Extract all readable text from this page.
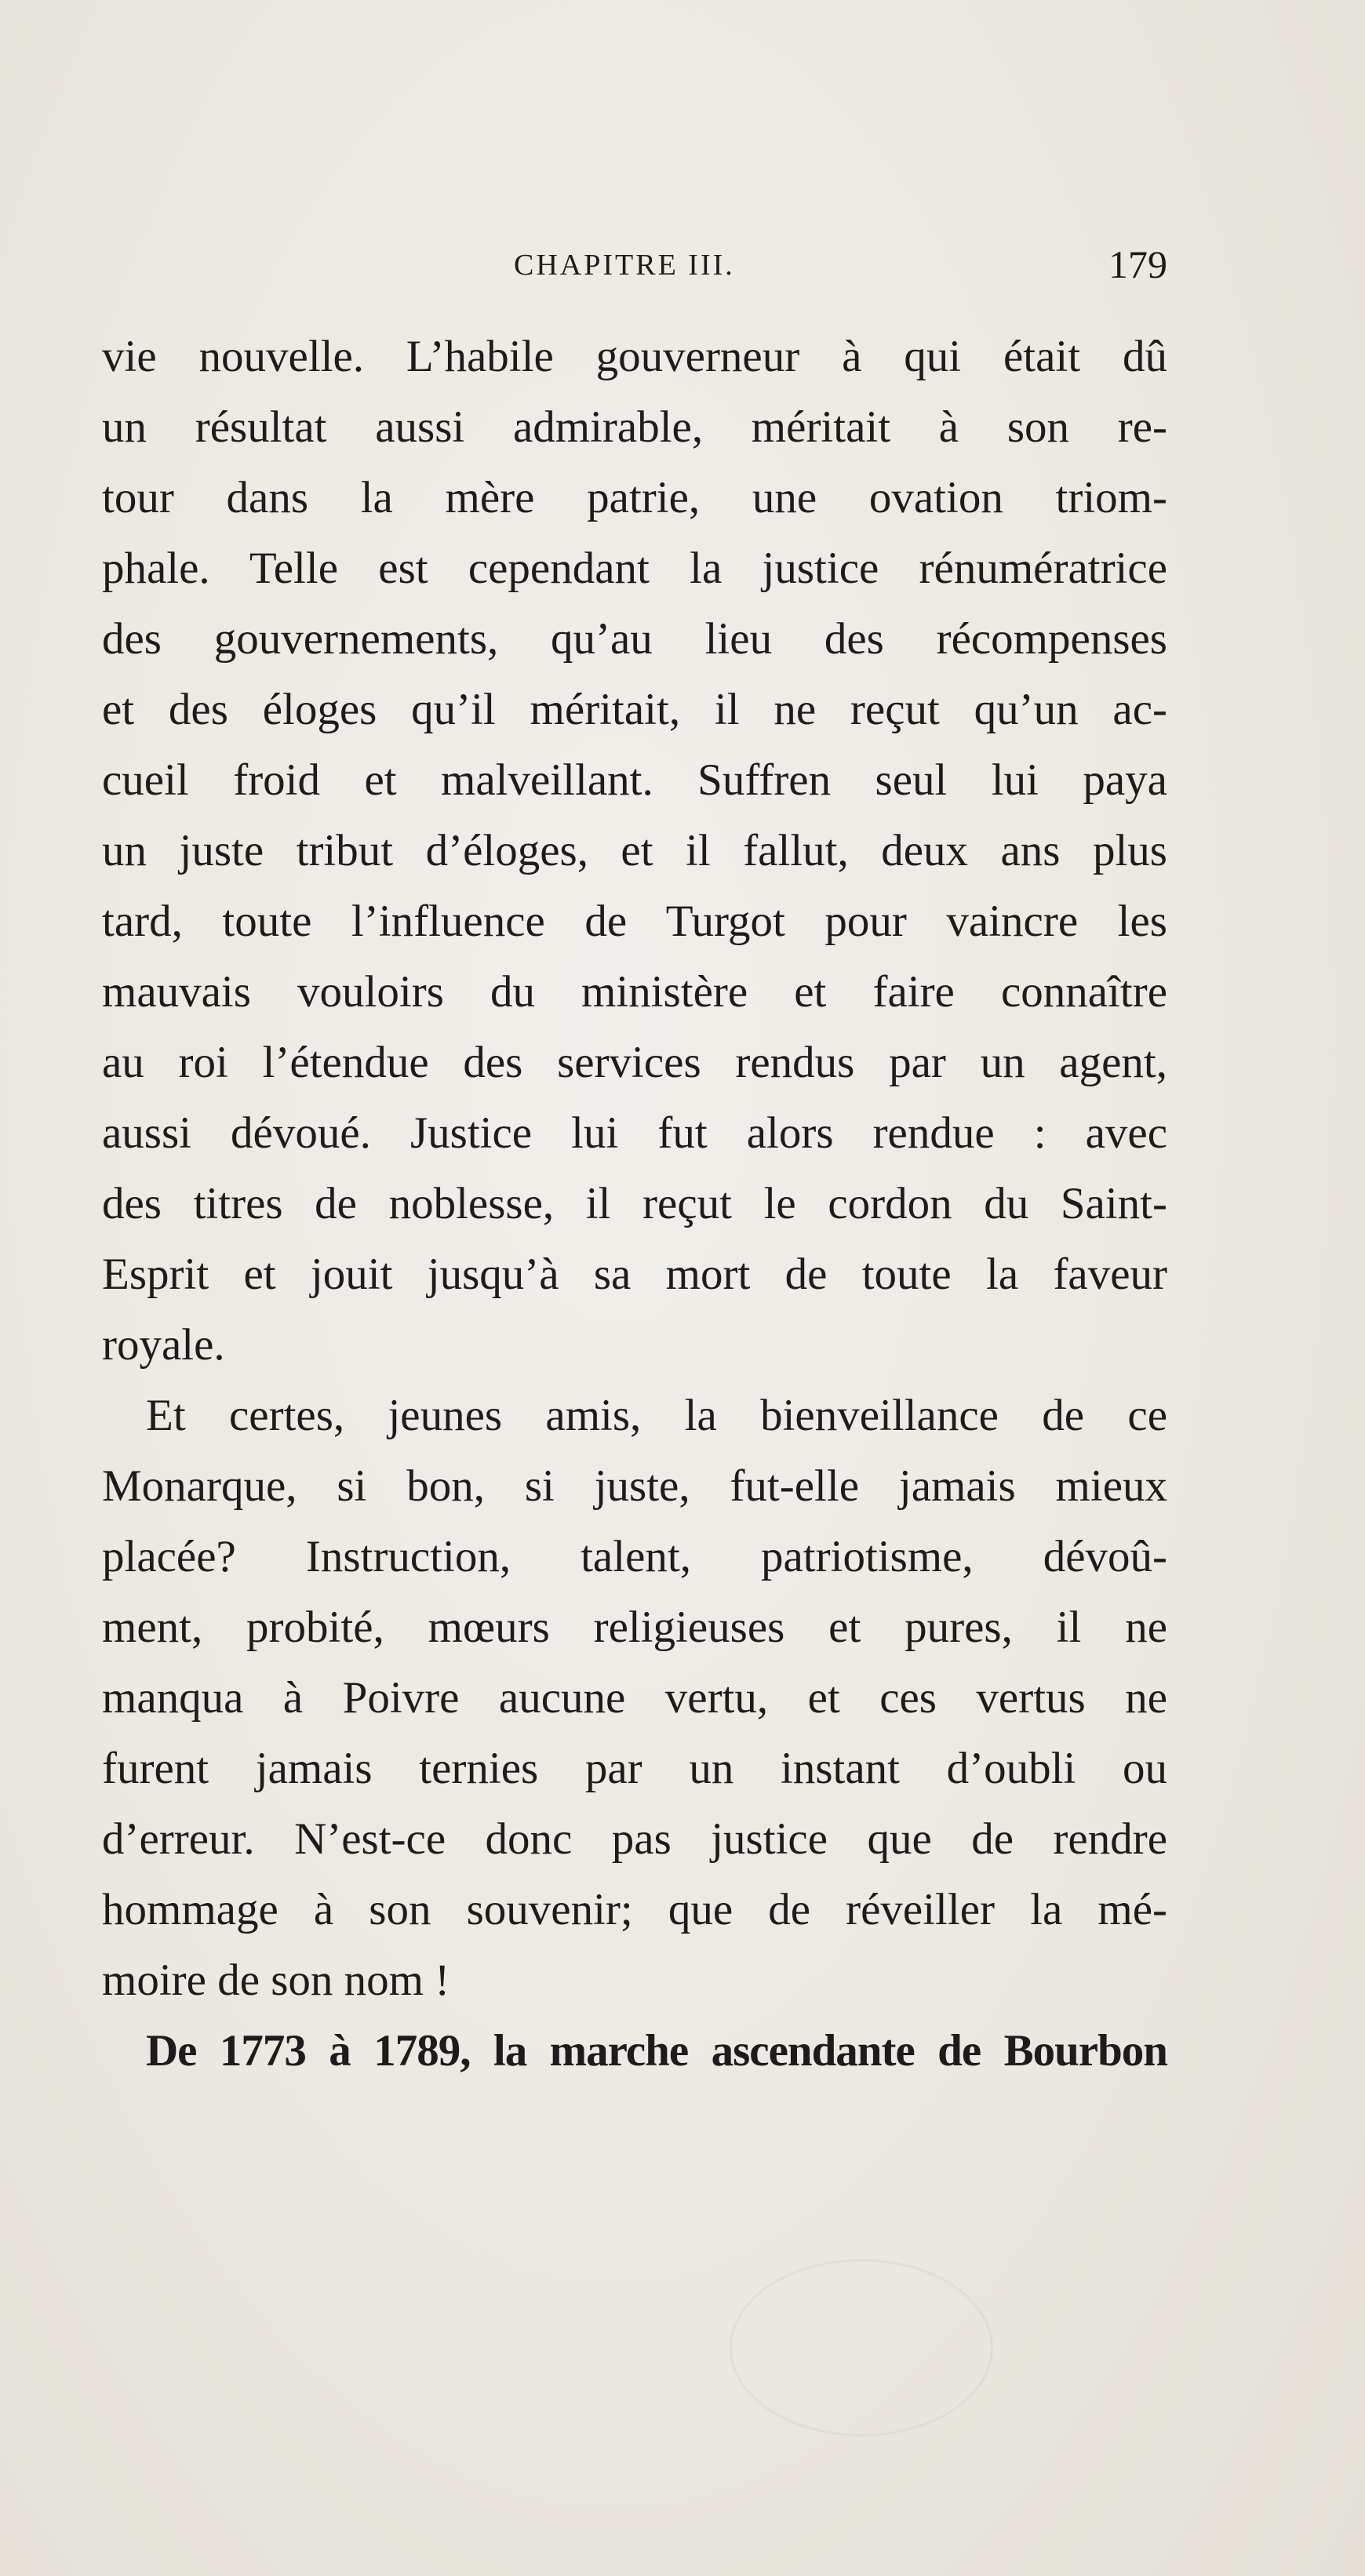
CHAPITRE III.	179
vie nouvelle. L’habile gouverneur à qui était dû
un résultat aussi admirable, méritait à son re-
tour dans la mère patrie, une ovation triom-
phale. Telle est cependant la justice rénumératrice
des gouvernements, qu’au lieu des récompenses
et des éloges qu’il méritait, il ne reçut qu’un ac-
cueil froid et malveillant. Suffren seul lui paya
un juste tribut d’éloges, et il fallut, deux ans plus
tard, toute l’influence de Turgot pour vaincre les
mauvais vouloirs du ministère et faire connaître
au roi l’étendue des services rendus par un agent,
aussi dévoué. Justice lui fut alors rendue : avec
des titres de noblesse, il reçut le cordon du Saint-
Esprit et jouit jusqu’à sa mort de toute la faveur
royale.
Et certes, jeunes amis, la bienveillance de ce
Monarque, si bon, si juste, fut-elle jamais mieux
placée? Instruction, talent, patriotisme, dévoû-
ment, probité, mœurs religieuses et pures, il ne
manqua à Poivre aucune vertu, et ces vertus ne
furent jamais ternies par un instant d’oubli ou
d’erreur. N’est-ce donc pas justice que de rendre
hommage à son souvenir; que de réveiller la mé-
moire de son nom !
De 1773 à 1789, la marche ascendante de Bourbon
